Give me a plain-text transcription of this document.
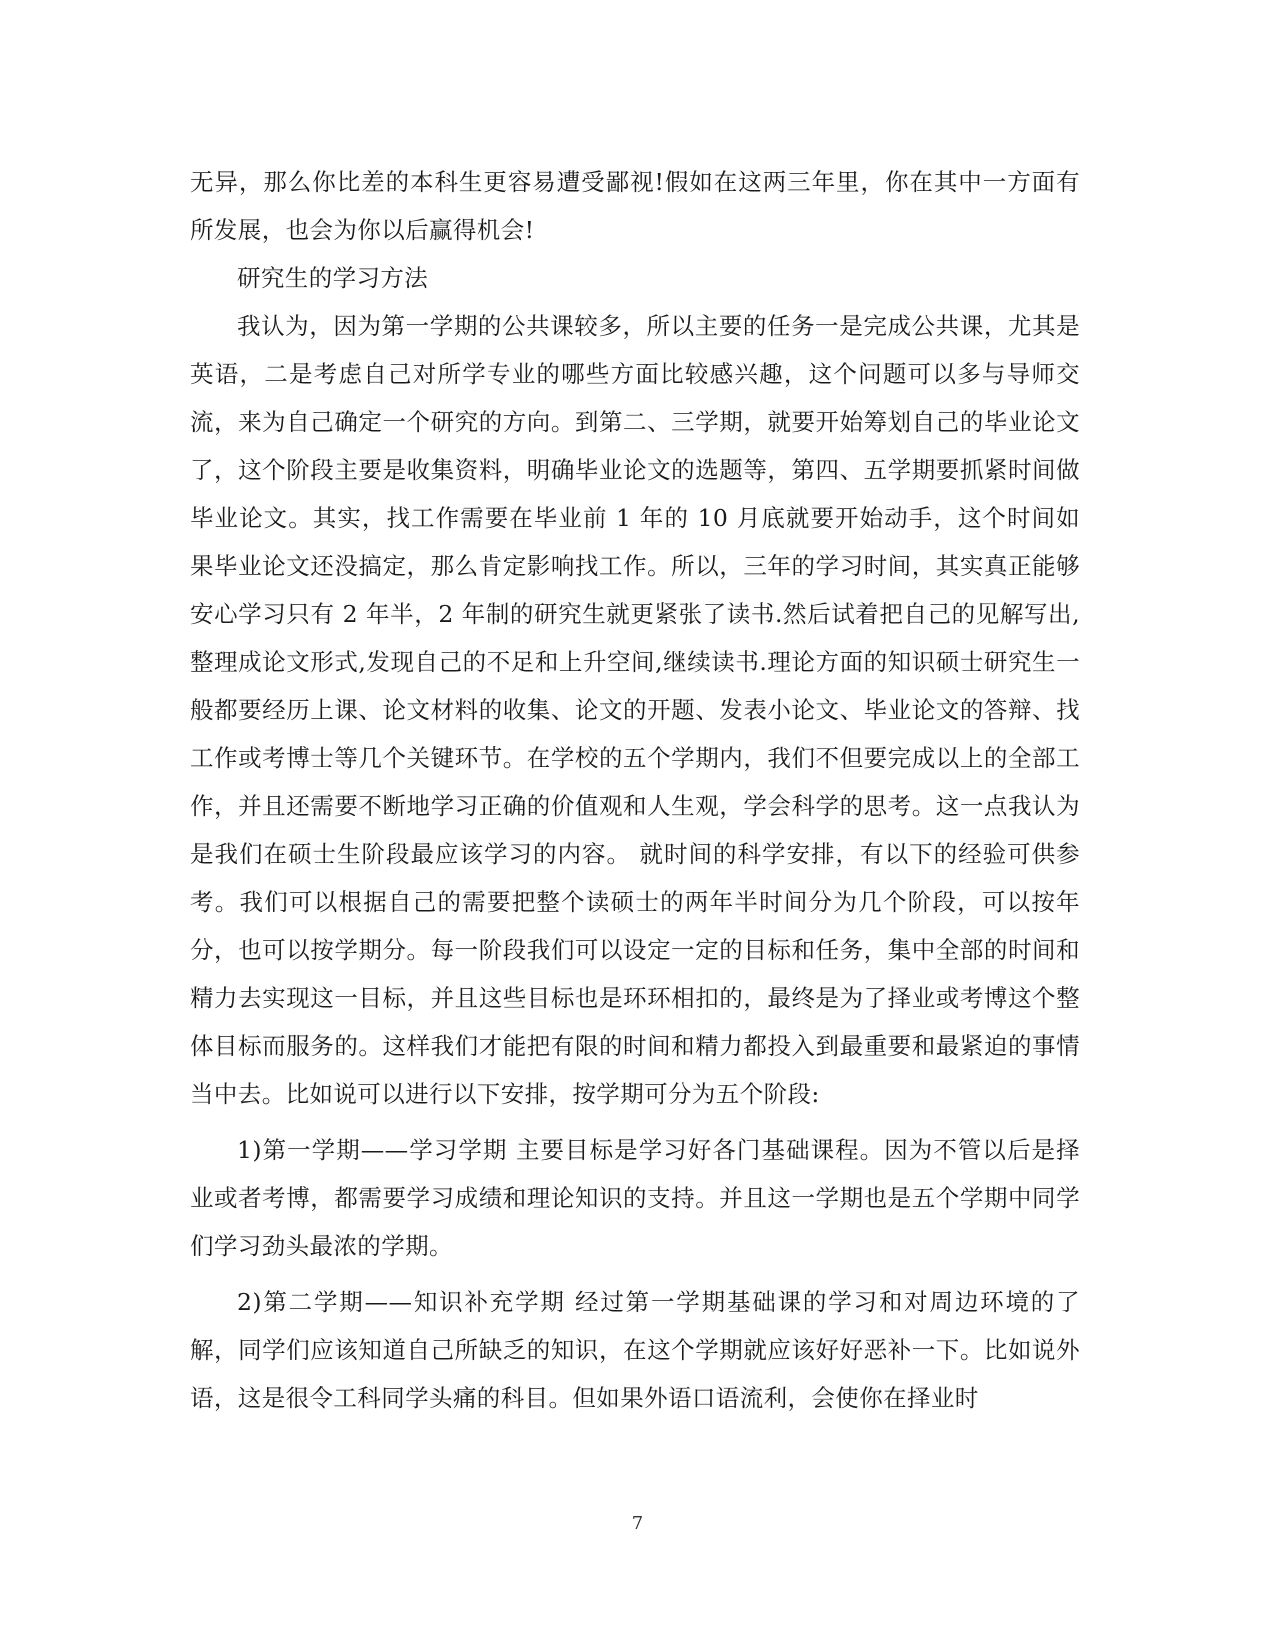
无异，那么你比差的本科生更容易遭受鄙视!假如在这两三年里，你在其中一方面有所发展，也会为你以后赢得机会!

研究生的学习方法

我认为，因为第一学期的公共课较多，所以主要的任务一是完成公共课，尤其是英语，二是考虑自己对所学专业的哪些方面比较感兴趣，这个问题可以多与导师交流，来为自己确定一个研究的方向。到第二、三学期，就要开始筹划自己的毕业论文了，这个阶段主要是收集资料，明确毕业论文的选题等，第四、五学期要抓紧时间做毕业论文。其实，找工作需要在毕业前 1 年的 10 月底就要开始动手，这个时间如果毕业论文还没搞定，那么肯定影响找工作。所以，三年的学习时间，其实真正能够安心学习只有 2 年半，2 年制的研究生就更紧张了读书.然后试着把自己的见解写出,整理成论文形式,发现自己的不足和上升空间,继续读书.理论方面的知识硕士研究生一般都要经历上课、论文材料的收集、论文的开题、发表小论文、毕业论文的答辩、找工作或考博士等几个关键环节。在学校的五个学期内，我们不但要完成以上的全部工作，并且还需要不断地学习正确的价值观和人生观，学会科学的思考。这一点我认为是我们在硕士生阶段最应该学习的内容。 就时间的科学安排，有以下的经验可供参考。我们可以根据自己的需要把整个读硕士的两年半时间分为几个阶段，可以按年分，也可以按学期分。每一阶段我们可以设定一定的目标和任务，集中全部的时间和精力去实现这一目标，并且这些目标也是环环相扣的，最终是为了择业或考博这个整体目标而服务的。这样我们才能把有限的时间和精力都投入到最重要和最紧迫的事情当中去。比如说可以进行以下安排，按学期可分为五个阶段:

1)第一学期——学习学期 主要目标是学习好各门基础课程。因为不管以后是择业或者考博，都需要学习成绩和理论知识的支持。并且这一学期也是五个学期中同学们学习劲头最浓的学期。

2)第二学期——知识补充学期 经过第一学期基础课的学习和对周边环境的了解，同学们应该知道自己所缺乏的知识，在这个学期就应该好好恶补一下。比如说外语，这是很令工科同学头痛的科目。但如果外语口语流利，会使你在择业时

7
